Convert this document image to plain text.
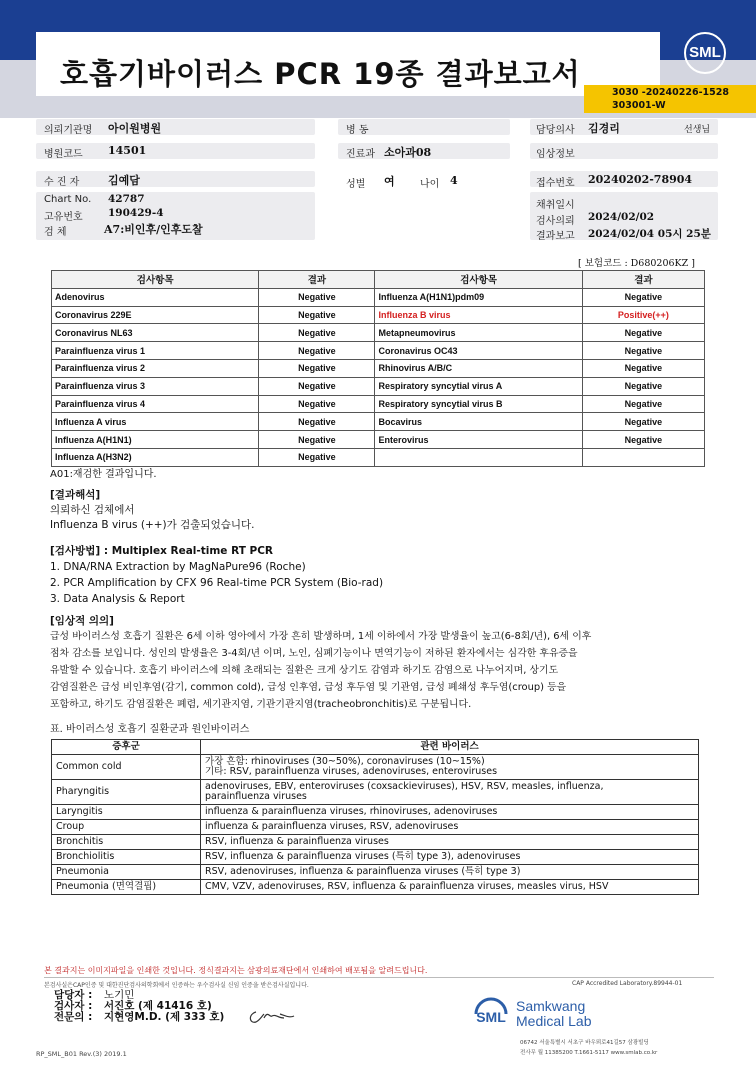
호흡기바이러스 PCR 19종 결과보고서
SML
3030 -20240226-1528
303001-W
의뢰기관명 아이원병원	병 동	담당의사 김경리	선생님
병원코드 14501	진료과 소아과08	임상정보
수 진 자	김예담	성별 여	나이 4	접수번호 20240202-78904
Chart No. 42787
고유번호 190429-4
검 체	A7:비인후/인후도찰
채취일시
검사의뢰 2024/02/02
결과보고 2024/02/04 05시 25분
[ 보험코드 : D680206KZ ]
검사항목	결과	검사항목	결과
Adenovirus	Negative	Influenza A(H1N1)pdm09	Negative
Coronavirus 229E	Negative	Influenza B virus	Positive(++)
Coronavirus NL63	Negative	Metapneumovirus	Negative
Parainfluenza virus 1	Negative	Coronavirus OC43	Negative
Parainfluenza virus 2	Negative	Rhinovirus A/B/C	Negative
Parainfluenza virus 3	Negative	Respiratory syncytial virus A	Negative
Parainfluenza virus 4	Negative	Respiratory syncytial virus B	Negative
Influenza A virus	Negative	Bocavirus	Negative
Influenza A(H1N1)	Negative	Enterovirus	Negative
Influenza A(H3N2)	Negative		
A01:재검한 결과입니다.
[결과해석]
의뢰하신 검체에서
Influenza B virus (++)가 검출되었습니다.
[검사방법] : Multiplex Real-time RT PCR
1. DNA/RNA Extraction by MagNaPure96 (Roche)
2. PCR Amplification by CFX 96 Real-time PCR System (Bio-rad)
3. Data Analysis & Report
[임상적 의의]
급성 바이러스성 호흡기 질환은 6세 이하 영아에서 가장 흔히 발생하며, 1세 이하에서 가장 발생율이 높고(6-8회/년), 6세 이후
점차 감소를 보입니다. 성인의 발생율은 3-4회/년 이며, 노인, 심폐기능이나 면역기능이 저하된 환자에서는 심각한 후유증을
유발할 수 있습니다. 호흡기 바이러스에 의해 초래되는 질환은 크게 상기도 감염과 하기도 감염으로 나누어지며, 상기도
감염질환은 급성 비인후염(감기, common cold), 급성 인후염, 급성 후두염 및 기관염, 급성 폐쇄성 후두염(croup) 등을
포함하고, 하기도 감염질환은 폐렴, 세기관지염, 기관기관지염(tracheobronchitis)로 구분됩니다.
표. 바이러스성 호흡기 질환군과 원인바이러스
증후군	관련 바이러스
Common cold	가장 흔함: rhinoviruses (30~50%), coronaviruses (10~15%)
기타: RSV, parainfluenza viruses, adenoviruses, enteroviruses

Pharyngitis	adenoviruses, EBV, enteroviruses (coxsackieviruses), HSV, RSV, measles, influenza,
parainfluenza viruses

Laryngitis	influenza & parainfluenza viruses, rhinoviruses, adenoviruses

Croup	influenza & parainfluenza viruses, RSV, adenoviruses

Bronchitis	RSV, influenza & parainfluenza viruses

Bronchiolitis	RSV, influenza & parainfluenza viruses (특히 type 3), adenoviruses

Pneumonia	RSV, adenoviruses, influenza & parainfluenza viruses (특히 type 3)

Pneumonia (면역결핍)	CMV, VZV, adenoviruses, RSV, influenza & parainfluenza viruses, measles virus, HSV
본 결과지는 이미지파일을 인쇄한 것입니다. 정식결과지는 삼광의료재단에서 인쇄하여 배포됨을 알려드립니다.
본검사실은CAP인증 및 대한진단검사의학회에서 인증하는 우수검사실 신임 인증을 받은검사실입니다.	CAP Accredited Laboratory.89944-01
담당자 : 노기민
검사자 : 서진호 (제 41416 호)
전문의 : 지현영M.D. (제 333 호)	SML
Samkwang
Medical Lab
06742 서울특별시 서초구 바우뫼로41길57 삼광빌딩
전사무 월 11385200 T.1661-5117 www.smlab.co.kr
RP_SML_B01 Rev.(3) 2019.1
